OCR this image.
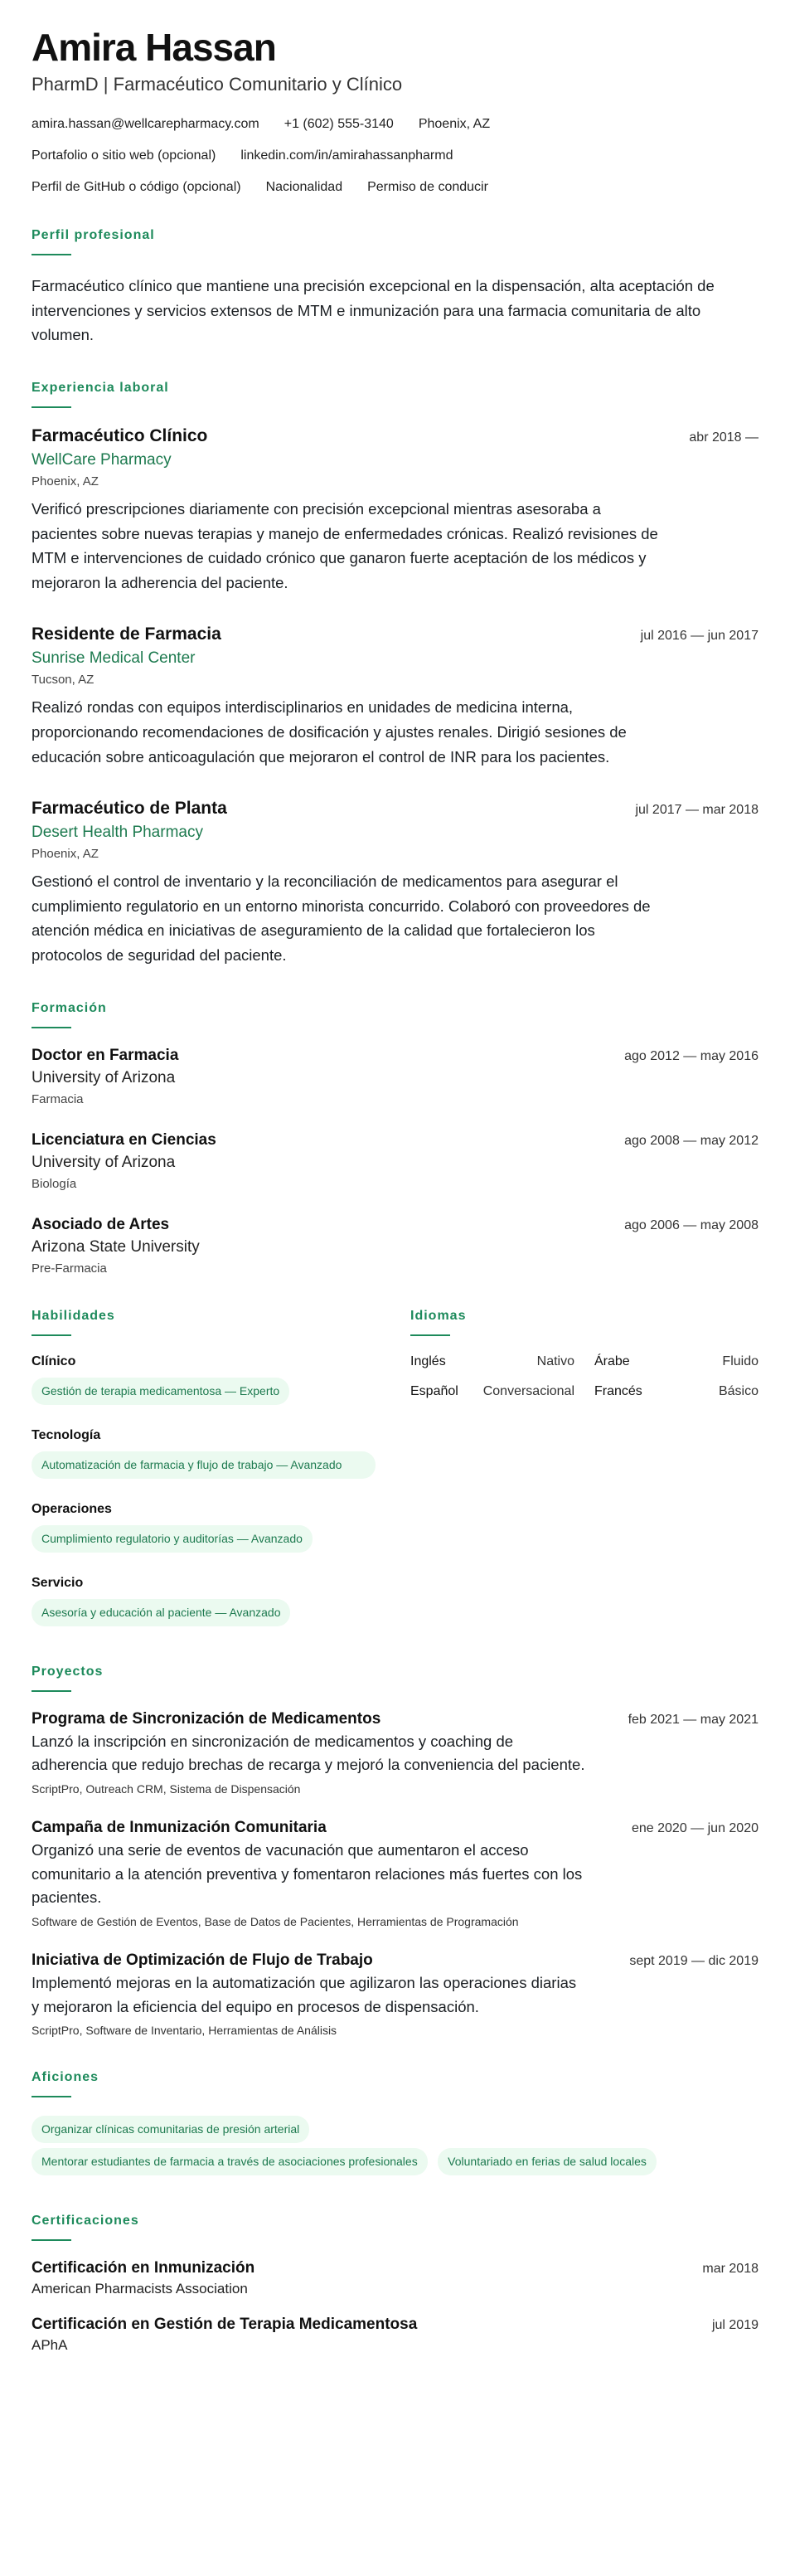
Amira Hassan
PharmD | Farmacéutico Comunitario y Clínico
amira.hassan@wellcarepharmacy.com +1 (602) 555-3140 Phoenix, AZ
Portafolio o sitio web (opcional) linkedin.com/in/amirahassanpharmd
Perfil de GitHub o código (opcional) Nacionalidad Permiso de conducir
Perfil profesional

Farmacéutico clínico que mantiene una precisión excepcional en la dispensación, alta aceptación de intervenciones y servicios extensos de MTM e inmunización para una farmacia comunitaria de alto volumen.

Experiencia laboral
Farmacéutico Clínico	abr 2018 —
WellCare Pharmacy
Phoenix, AZ

Verificó prescripciones diariamente con precisión excepcional mientras asesoraba a pacientes sobre nuevas terapias y manejo de enfermedades crónicas. Realizó revisiones de MTM e intervenciones de cuidado crónico que ganaron fuerte aceptación de los médicos y mejoraron la adherencia del paciente.

Residente de Farmacia	jul 2016 — jun 2017
Sunrise Medical Center
Tucson, AZ

Realizó rondas con equipos interdisciplinarios en unidades de medicina interna, proporcionando recomendaciones de dosificación y ajustes renales. Dirigió sesiones de educación sobre anticoagulación que mejoraron el control de INR para los pacientes.

Farmacéutico de Planta	jul 2017 — mar 2018
Desert Health Pharmacy
Phoenix, AZ

Gestionó el control de inventario y la reconciliación de medicamentos para asegurar el cumplimiento regulatorio en un entorno minorista concurrido. Colaboró con proveedores de atención médica en iniciativas de aseguramiento de la calidad que fortalecieron los protocolos de seguridad del paciente.

Formación
Doctor en Farmacia	ago 2012 — may 2016
University of Arizona
Farmacia
Licenciatura en Ciencias	ago 2008 — may 2012
University of Arizona
Biología
Asociado de Artes	ago 2006 — may 2008
Arizona State University
Pre-Farmacia
Habilidades
Clínico
Gestión de terapia medicamentosa — Experto
Tecnología
Automatización de farmacia y flujo de trabajo — Avanzado
Operaciones
Cumplimiento regulatorio y auditorías — Avanzado
Servicio
Asesoría y educación al paciente — Avanzado
Idiomas
Inglés	Nativo Árabe	Fluido
Español Conversacional Francés	Básico
Proyectos
Programa de Sincronización de Medicamentos	feb 2021 — may 2021

Lanzó la inscripción en sincronización de medicamentos y coaching de adherencia que redujo brechas de recarga y mejoró la conveniencia del paciente.

ScriptPro, Outreach CRM, Sistema de Dispensación
Campaña de Inmunización Comunitaria	ene 2020 — jun 2020

Organizó una serie de eventos de vacunación que aumentaron el acceso comunitario a la atención preventiva y fomentaron relaciones más fuertes con los pacientes.

Software de Gestión de Eventos, Base de Datos de Pacientes, Herramientas de Programación
Iniciativa de Optimización de Flujo de Trabajo	sept 2019 — dic 2019

Implementó mejoras en la automatización que agilizaron las operaciones diarias y mejoraron la eficiencia del equipo en procesos de dispensación.

ScriptPro, Software de Inventario, Herramientas de Análisis
Aficiones
Organizar clínicas comunitarias de presión arterial
Mentorar estudiantes de farmacia a través de asociaciones profesionales	Voluntariado en ferias de salud locales
Certificaciones
Certificación en Inmunización	mar 2018
American Pharmacists Association
Certificación en Gestión de Terapia Medicamentosa	jul 2019
APhA
